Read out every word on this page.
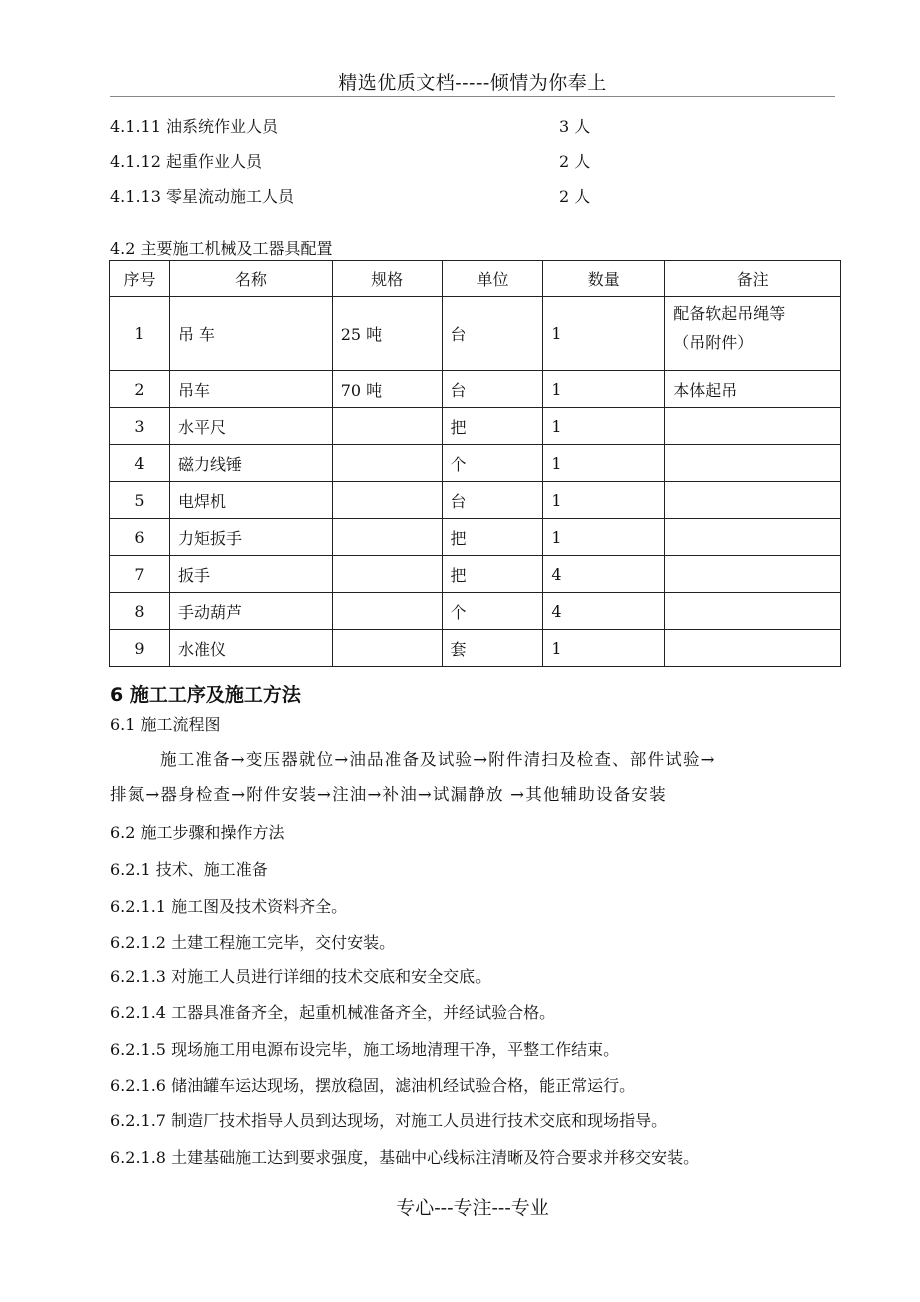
精选优质文档-----倾情为你奉上
4.1.11 油系统作业人员	3 人
4.1.12 起重作业人员	2 人
4.1.13 零星流动施工人员	2 人
4.2 主要施工机械及工器具配置
序号	名称	规格	单位	数量	备注
1	吊 车	25 吨	台	1	配备软起吊绳等
（吊附件）

2	吊车	70 吨	台	1	本体起吊
3	水平尺		把	1	
4	磁力线锤		个	1	
5	电焊机		台	1	
6	力矩扳手		把	1	
7	扳手		把	4	
8	手动葫芦		个	4	
9	水准仪		套	1	
6 施工工序及施工方法
6.1 施工流程图
施工准备→变压器就位→油品准备及试验→附件清扫及检查、部件试验→
排氮→器身检查→附件安装→注油→补油→试漏静放 →其他辅助设备安装
6.2 施工步骤和操作方法
6.2.1 技术、施工准备
6.2.1.1 施工图及技术资料齐全。
6.2.1.2 土建工程施工完毕，交付安装。
6.2.1.3 对施工人员进行详细的技术交底和安全交底。
6.2.1.4 工器具准备齐全，起重机械准备齐全，并经试验合格。
6.2.1.5 现场施工用电源布设完毕，施工场地清理干净，平整工作结束。
6.2.1.6 储油罐车运达现场，摆放稳固，滤油机经试验合格，能正常运行。
6.2.1.7 制造厂技术指导人员到达现场，对施工人员进行技术交底和现场指导。
6.2.1.8 土建基础施工达到要求强度，基础中心线标注清晰及符合要求并移交安装。
专心---专注---专业
